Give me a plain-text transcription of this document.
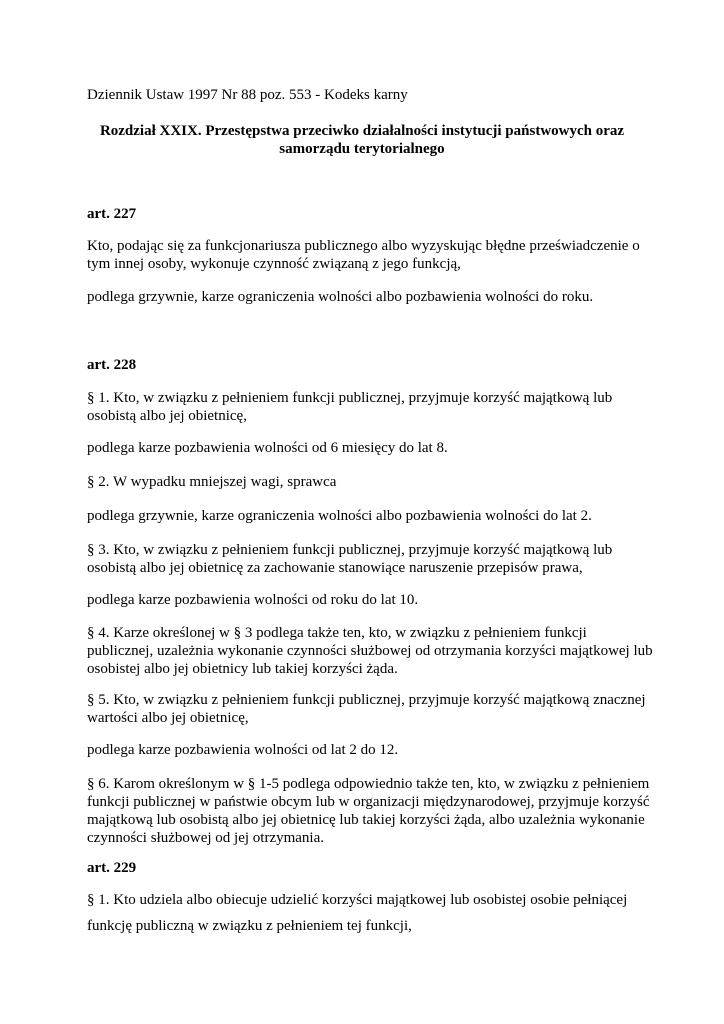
Dziennik Ustaw 1997 Nr 88 poz. 553 - Kodeks karny

Rozdział XXIX. Przestępstwa przeciwko działalności instytucji państwowych oraz
samorządu terytorialnego

art. 227

Kto, podając się za funkcjonariusza publicznego albo wyzyskując błędne przeświadczenie o
tym innej osoby, wykonuje czynność związaną z jego funkcją,

podlega grzywnie, karze ograniczenia wolności albo pozbawienia wolności do roku.

art. 228

§ 1. Kto, w związku z pełnieniem funkcji publicznej, przyjmuje korzyść majątkową lub
osobistą albo jej obietnicę,

podlega karze pozbawienia wolności od 6 miesięcy do lat 8.

§ 2. W wypadku mniejszej wagi, sprawca

podlega grzywnie, karze ograniczenia wolności albo pozbawienia wolności do lat 2.

§ 3. Kto, w związku z pełnieniem funkcji publicznej, przyjmuje korzyść majątkową lub
osobistą albo jej obietnicę za zachowanie stanowiące naruszenie przepisów prawa,

podlega karze pozbawienia wolności od roku do lat 10.

§ 4. Karze określonej w § 3 podlega także ten, kto, w związku z pełnieniem funkcji
publicznej, uzależnia wykonanie czynności służbowej od otrzymania korzyści majątkowej lub
osobistej albo jej obietnicy lub takiej korzyści żąda.
§ 5. Kto, w związku z pełnieniem funkcji publicznej, przyjmuje korzyść majątkową znacznej
wartości albo jej obietnicę,

podlega karze pozbawienia wolności od lat 2 do 12.

§ 6. Karom określonym w § 1-5 podlega odpowiednio także ten, kto, w związku z pełnieniem
funkcji publicznej w państwie obcym lub w organizacji międzynarodowej, przyjmuje korzyść
majątkową lub osobistą albo jej obietnicę lub takiej korzyści żąda, albo uzależnia wykonanie
czynności służbowej od jej otrzymania.

art. 229

§ 1. Kto udziela albo obiecuje udzielić korzyści majątkowej lub osobistej osobie pełniącej
funkcję publiczną w związku z pełnieniem tej funkcji,
